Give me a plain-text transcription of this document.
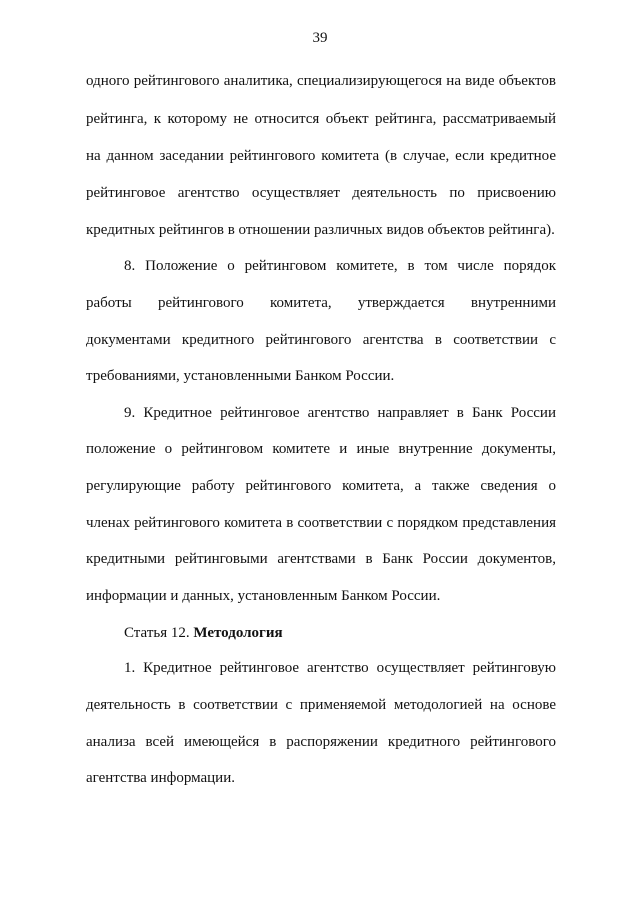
39
одного рейтингового аналитика, специализирующегося на виде объектов
рейтинга, к которому не относится объект рейтинга, рассматриваемый
на данном заседании рейтингового комитета (в случае, если кредитное
рейтинговое агентство осуществляет деятельность по присвоению
кредитных рейтингов в отношении различных видов объектов рейтинга).
8. Положение о рейтинговом комитете, в том числе порядок
работы рейтингового комитета, утверждается внутренними
документами кредитного рейтингового агентства в соответствии с
требованиями, установленными Банком России.
9. Кредитное рейтинговое агентство направляет в Банк России
положение о рейтинговом комитете и иные внутренние документы,
регулирующие работу рейтингового комитета, а также сведения о
членах рейтингового комитета в соответствии с порядком представления
кредитными рейтинговыми агентствами в Банк России документов,
информации и данных, установленным Банком России.
Статья 12. Методология
1. Кредитное рейтинговое агентство осуществляет рейтинговую
деятельность в соответствии с применяемой методологией на основе
анализа всей имеющейся в распоряжении кредитного рейтингового
агентства информации.
